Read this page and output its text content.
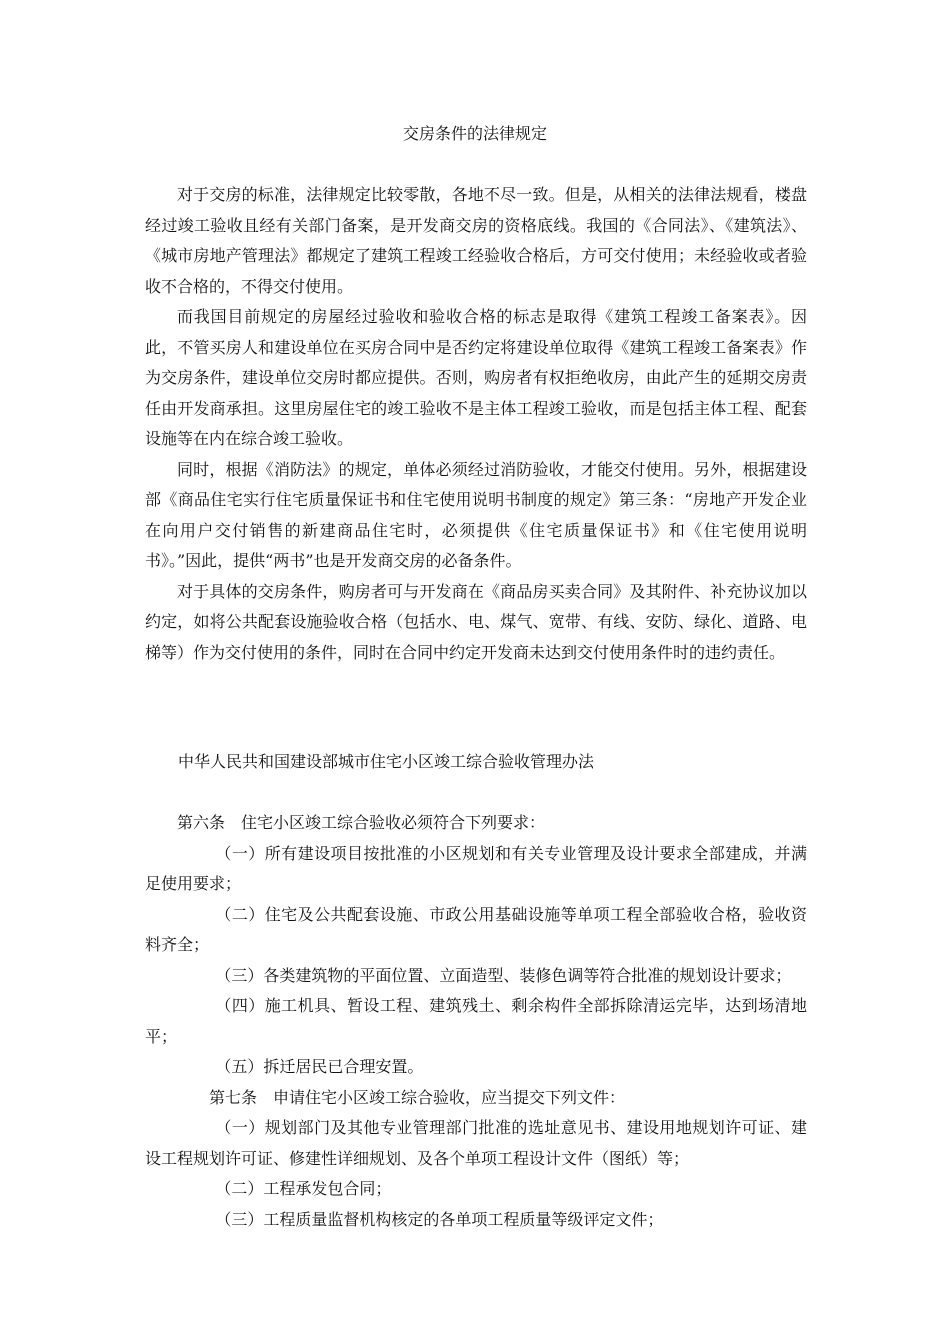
交房条件的法律规定

对于交房的标准，法律规定比较零散，各地不尽一致。但是，从相关的法律法规看，楼盘经过竣工验收且经有关部门备案，是开发商交房的资格底线。我国的《合同法》、《建筑法》、《城市房地产管理法》都规定了建筑工程竣工经验收合格后，方可交付使用；未经验收或者验收不合格的，不得交付使用。

而我国目前规定的房屋经过验收和验收合格的标志是取得《建筑工程竣工备案表》。因此，不管买房人和建设单位在买房合同中是否约定将建设单位取得《建筑工程竣工备案表》作为交房条件，建设单位交房时都应提供。否则，购房者有权拒绝收房，由此产生的延期交房责任由开发商承担。这里房屋住宅的竣工验收不是主体工程竣工验收，而是包括主体工程、配套设施等在内在综合竣工验收。

同时，根据《消防法》的规定，单体必须经过消防验收，才能交付使用。另外，根据建设部《商品住宅实行住宅质量保证书和住宅使用说明书制度的规定》第三条：“房地产开发企业在向用户交付销售的新建商品住宅时，必须提供《住宅质量保证书》和《住宅使用说明书》。”因此，提供“两书”也是开发商交房的必备条件。

对于具体的交房条件，购房者可与开发商在《商品房买卖合同》及其附件、补充协议加以约定，如将公共配套设施验收合格（包括水、电、煤气、宽带、有线、安防、绿化、道路、电梯等）作为交付使用的条件，同时在合同中约定开发商未达到交付使用条件时的违约责任。

中华人民共和国建设部城市住宅小区竣工综合验收管理办法

第六条　住宅小区竣工综合验收必须符合下列要求：

（一）所有建设项目按批准的小区规划和有关专业管理及设计要求全部建成，并满足使用要求；

（二）住宅及公共配套设施、市政公用基础设施等单项工程全部验收合格，验收资料齐全；

（三）各类建筑物的平面位置、立面造型、装修色调等符合批准的规划设计要求；

（四）施工机具、暂设工程、建筑残土、剩余构件全部拆除清运完毕，达到场清地平；

（五）拆迁居民已合理安置。

第七条　申请住宅小区竣工综合验收，应当提交下列文件：

（一）规划部门及其他专业管理部门批准的选址意见书、建设用地规划许可证、建设工程规划许可证、修建性详细规划、及各个单项工程设计文件（图纸）等；

（二）工程承发包合同；

（三）工程质量监督机构核定的各单项工程质量等级评定文件；
